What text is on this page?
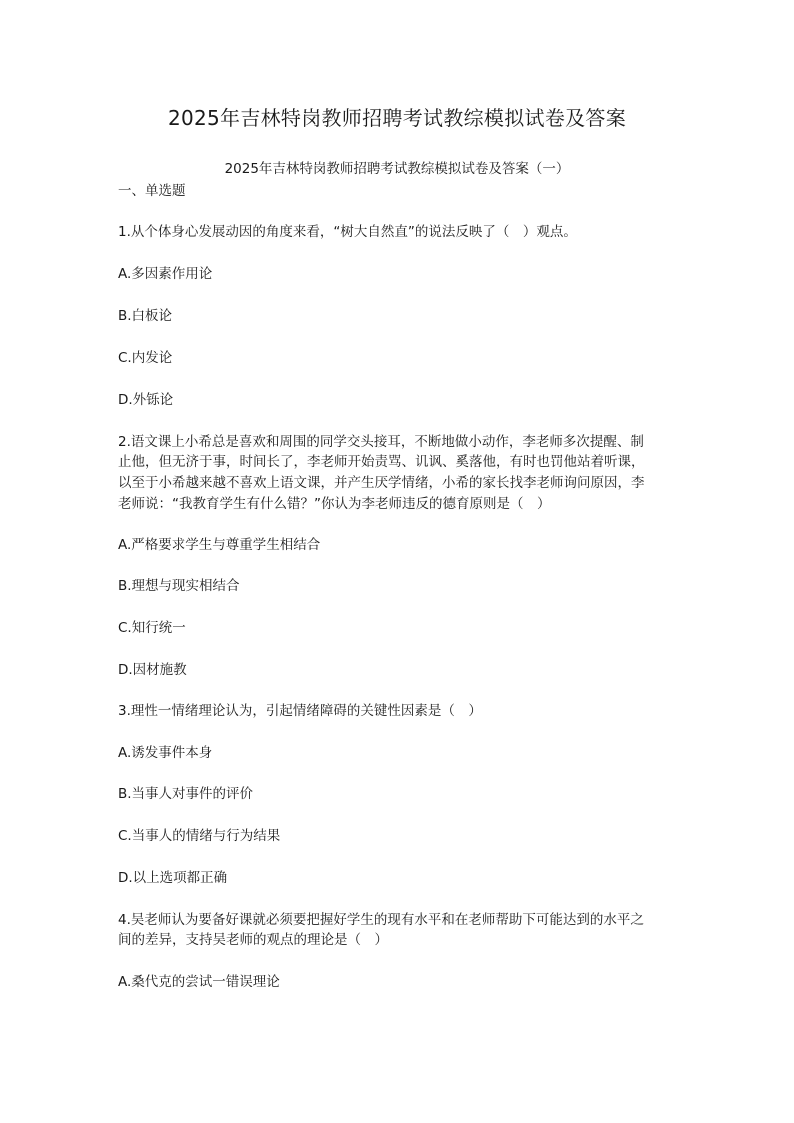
2025年吉林特岗教师招聘考试教综模拟试卷及答案
2025年吉林特岗教师招聘考试教综模拟试卷及答案（一）
一、单选题
1.从个体身心发展动因的角度来看，“树大自然直”的说法反映了（　）观点。
A.多因素作用论
B.白板论
C.内发论
D.外铄论
2.语文课上小希总是喜欢和周围的同学交头接耳，不断地做小动作，李老师多次提醒、制
止他，但无济于事，时间长了，李老师开始责骂、讥讽、奚落他，有时也罚他站着听课，
以至于小希越来越不喜欢上语文课，并产生厌学情绪，小希的家长找李老师询问原因，李
老师说：“我教育学生有什么错？”你认为李老师违反的德育原则是（　）
A.严格要求学生与尊重学生相结合
B.理想与现实相结合
C.知行统一
D.因材施教
3.理性一情绪理论认为，引起情绪障碍的关键性因素是（　）
A.诱发事件本身
B.当事人对事件的评价
C.当事人的情绪与行为结果
D.以上选项都正确
4.吴老师认为要备好课就必须要把握好学生的现有水平和在老师帮助下可能达到的水平之
间的差异，支持吴老师的观点的理论是（　）
A.桑代克的尝试一错误理论
